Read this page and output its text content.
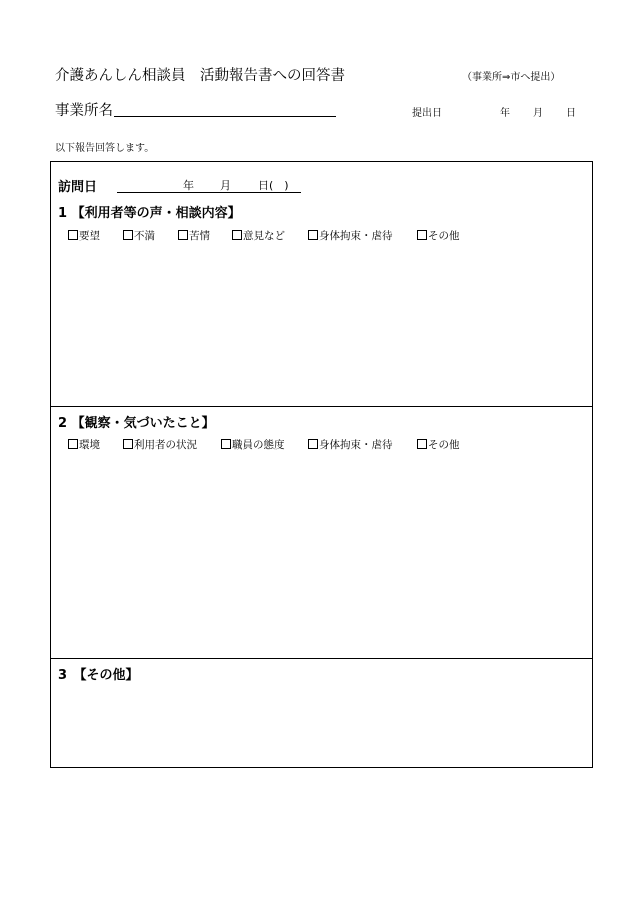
介護あんしん相談員　活動報告書への回答書	（事業所⇒市へ提出）
事業所名	提出日	年 月 日
以下報告回答します。
訪問日	年 月 日(　)
1 【利用者等の声・相談内容】
要望	不満	苦情	意見など	身体拘束・虐待	その他
2 【観察・気づいたこと】
環境	利用者の状況	職員の態度	身体拘束・虐待	その他
3　【その他】
